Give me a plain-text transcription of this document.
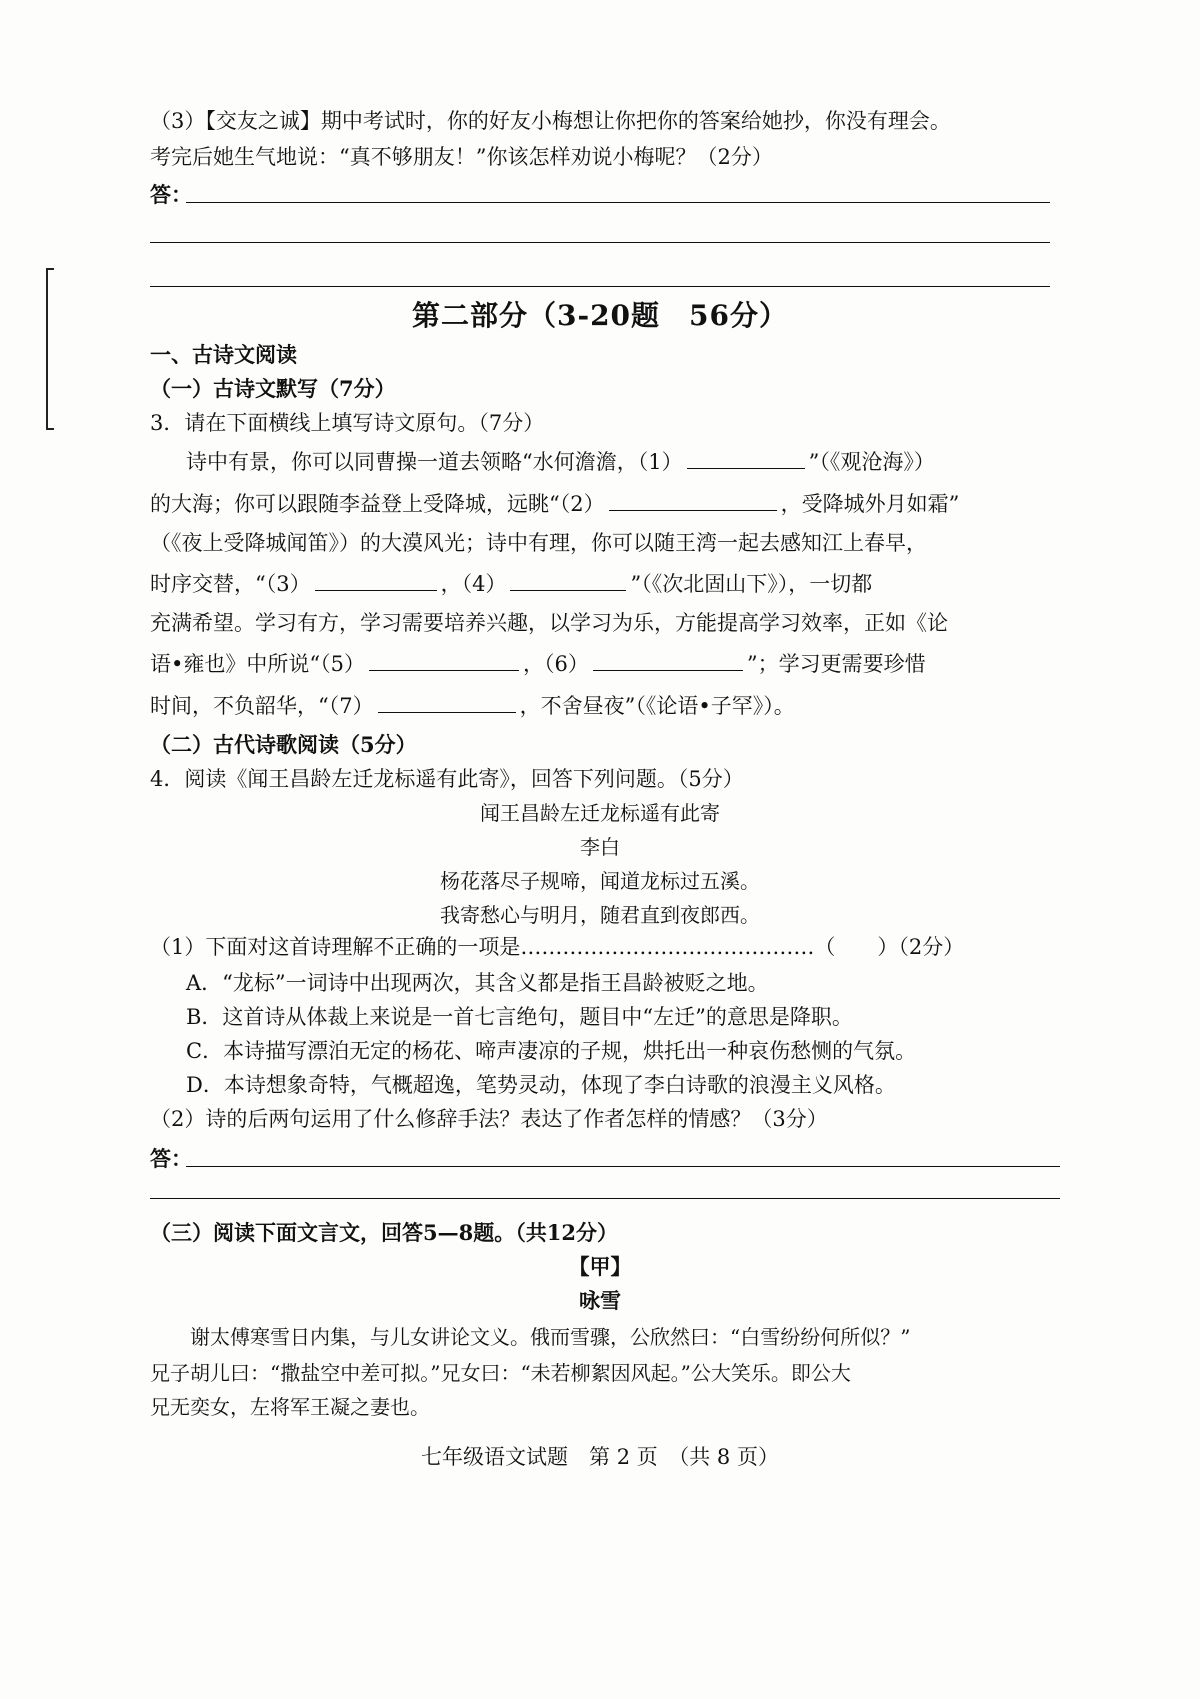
（3）【交友之诚】期中考试时，你的好友小梅想让你把你的答案给她抄，你没有理会。
考完后她生气地说：“真不够朋友！”你该怎样劝说小梅呢？（2分）
答：
第二部分（3-20题　56分）
一、古诗文阅读
（一）古诗文默写（7分）
3．请在下面横线上填写诗文原句。（7分）
诗中有景，你可以同曹操一道去领略“水何澹澹，（1）	”（《观沧海》）
的大海；你可以跟随李益登上受降城，远眺“（2）	，受降城外月如霜”
（《夜上受降城闻笛》）的大漠风光；诗中有理，你可以随王湾一起去感知江上春早，
时序交替，“（3）	，（4）	”（《次北固山下》），一切都
充满希望。学习有方，学习需要培养兴趣，以学习为乐，方能提高学习效率，正如《论
语•雍也》中所说“（5）	，（6）	”；学习更需要珍惜
时间，不负韶华，“（7）	，不舍昼夜”（《论语•子罕》）。
（二）古代诗歌阅读（5分）
4．阅读《闻王昌龄左迁龙标遥有此寄》，回答下列问题。（5分）
闻王昌龄左迁龙标遥有此寄
李白
杨花落尽子规啼，闻道龙标过五溪。
我寄愁心与明月，随君直到夜郎西。
（1）下面对这首诗理解不正确的一项是……………………………………（　　）（2分）
A．“龙标”一词诗中出现两次，其含义都是指王昌龄被贬之地。
B．这首诗从体裁上来说是一首七言绝句，题目中“左迁”的意思是降职。
C．本诗描写漂泊无定的杨花、啼声凄凉的子规，烘托出一种哀伤愁恻的气氛。
D．本诗想象奇特，气概超逸，笔势灵动，体现了李白诗歌的浪漫主义风格。
（2）诗的后两句运用了什么修辞手法？表达了作者怎样的情感？（3分）
答：
（三）阅读下面文言文，回答5—8题。（共12分）
【甲】
咏雪
谢太傅寒雪日内集，与儿女讲论文义。俄而雪骤，公欣然曰：“白雪纷纷何所似？”
兄子胡儿曰：“撒盐空中差可拟。”兄女曰：“未若柳絮因风起。”公大笑乐。即公大
兄无奕女，左将军王凝之妻也。
七年级语文试题　第 2 页　（共 8 页）
